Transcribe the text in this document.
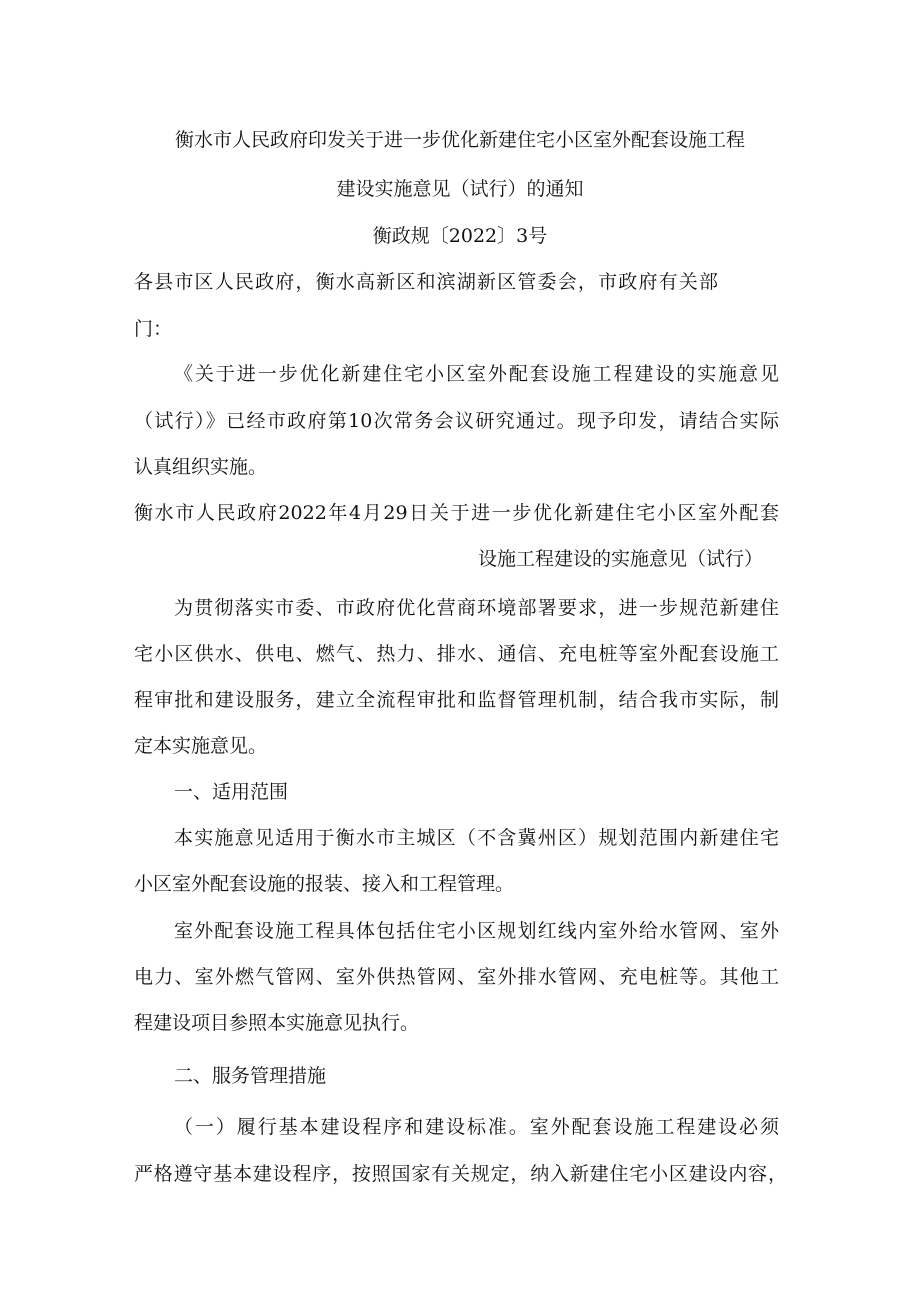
衡水市人民政府印发关于进一步优化新建住宅小区室外配套设施工程

建设实施意见（试行）的通知

衡政规〔2022〕3号

各县市区人民政府，衡水高新区和滨湖新区管委会，市政府有关部

门：

《关于进一步优化新建住宅小区室外配套设施工程建设的实施意见

（试行）》已经市政府第10次常务会议研究通过。现予印发，请结合实际

认真组织实施。

衡水市人民政府2022年4月29日关于进一步优化新建住宅小区室外配套

设施工程建设的实施意见（试行）

为贯彻落实市委、市政府优化营商环境部署要求，进一步规范新建住

宅小区供水、供电、燃气、热力、排水、通信、充电桩等室外配套设施工

程审批和建设服务，建立全流程审批和监督管理机制，结合我市实际，制

定本实施意见。

一、适用范围

本实施意见适用于衡水市主城区（不含冀州区）规划范围内新建住宅

小区室外配套设施的报装、接入和工程管理。

室外配套设施工程具体包括住宅小区规划红线内室外给水管网、室外

电力、室外燃气管网、室外供热管网、室外排水管网、充电桩等。其他工

程建设项目参照本实施意见执行。

二、服务管理措施

（一）履行基本建设程序和建设标准。室外配套设施工程建设必须

严格遵守基本建设程序，按照国家有关规定，纳入新建住宅小区建设内容，
